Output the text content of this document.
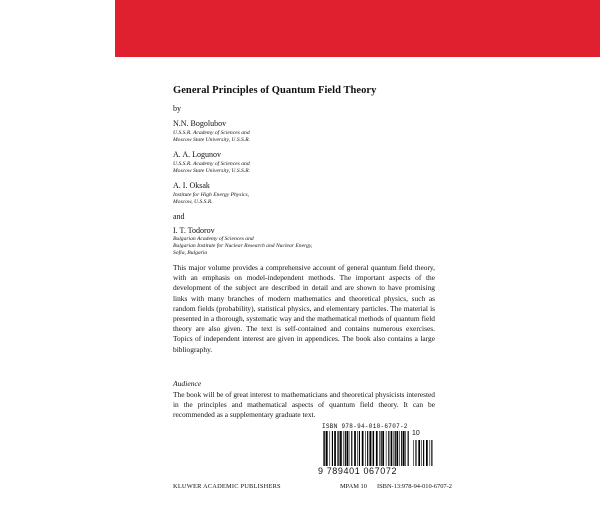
General Principles of Quantum Field Theory
by
N.N. Bogolubov
U.S.S.R. Academy of Sciences and
Moscow State University, U.S.S.R.
A. A. Logunov
U.S.S.R. Academy of Sciences and
Moscow State University, U.S.S.R.
A. I. Oksak
Institute for High Energy Physics,
Moscow, U.S.S.R.
and
I. T. Todorov
Bulgarian Academy of Sciences and
Bulgarian Institute for Nuclear Research and Nuclear Energy,
Sofia, Bulgaria
This major volume provides a comprehensive account of general quantum field theory, with an emphasis on model-independent methods. The important aspects of the development of the subject are described in detail and are shown to have promising links with many branches of modern mathematics and theoretical physics, such as random fields (probability), statistical physics, and elementary particles. The material is presented in a thorough, systematic way and the mathematical methods of quantum field theory are also given. The text is self-contained and contains numerous exercises. Topics of independent interest are given in appendices. The book also contains a large bibliography.
Audience
The book will be of great interest to mathematicians and theoretical physicists interested in the principles and mathematical aspects of quantum field theory. It can be recommended as a supplementary graduate text.
ISBN 978-94-010-6707-2
10
9 789401 067072
KLUWER ACADEMIC PUBLISHERS	MPAM 10 ISBN-13:978-94-010-6707-2
